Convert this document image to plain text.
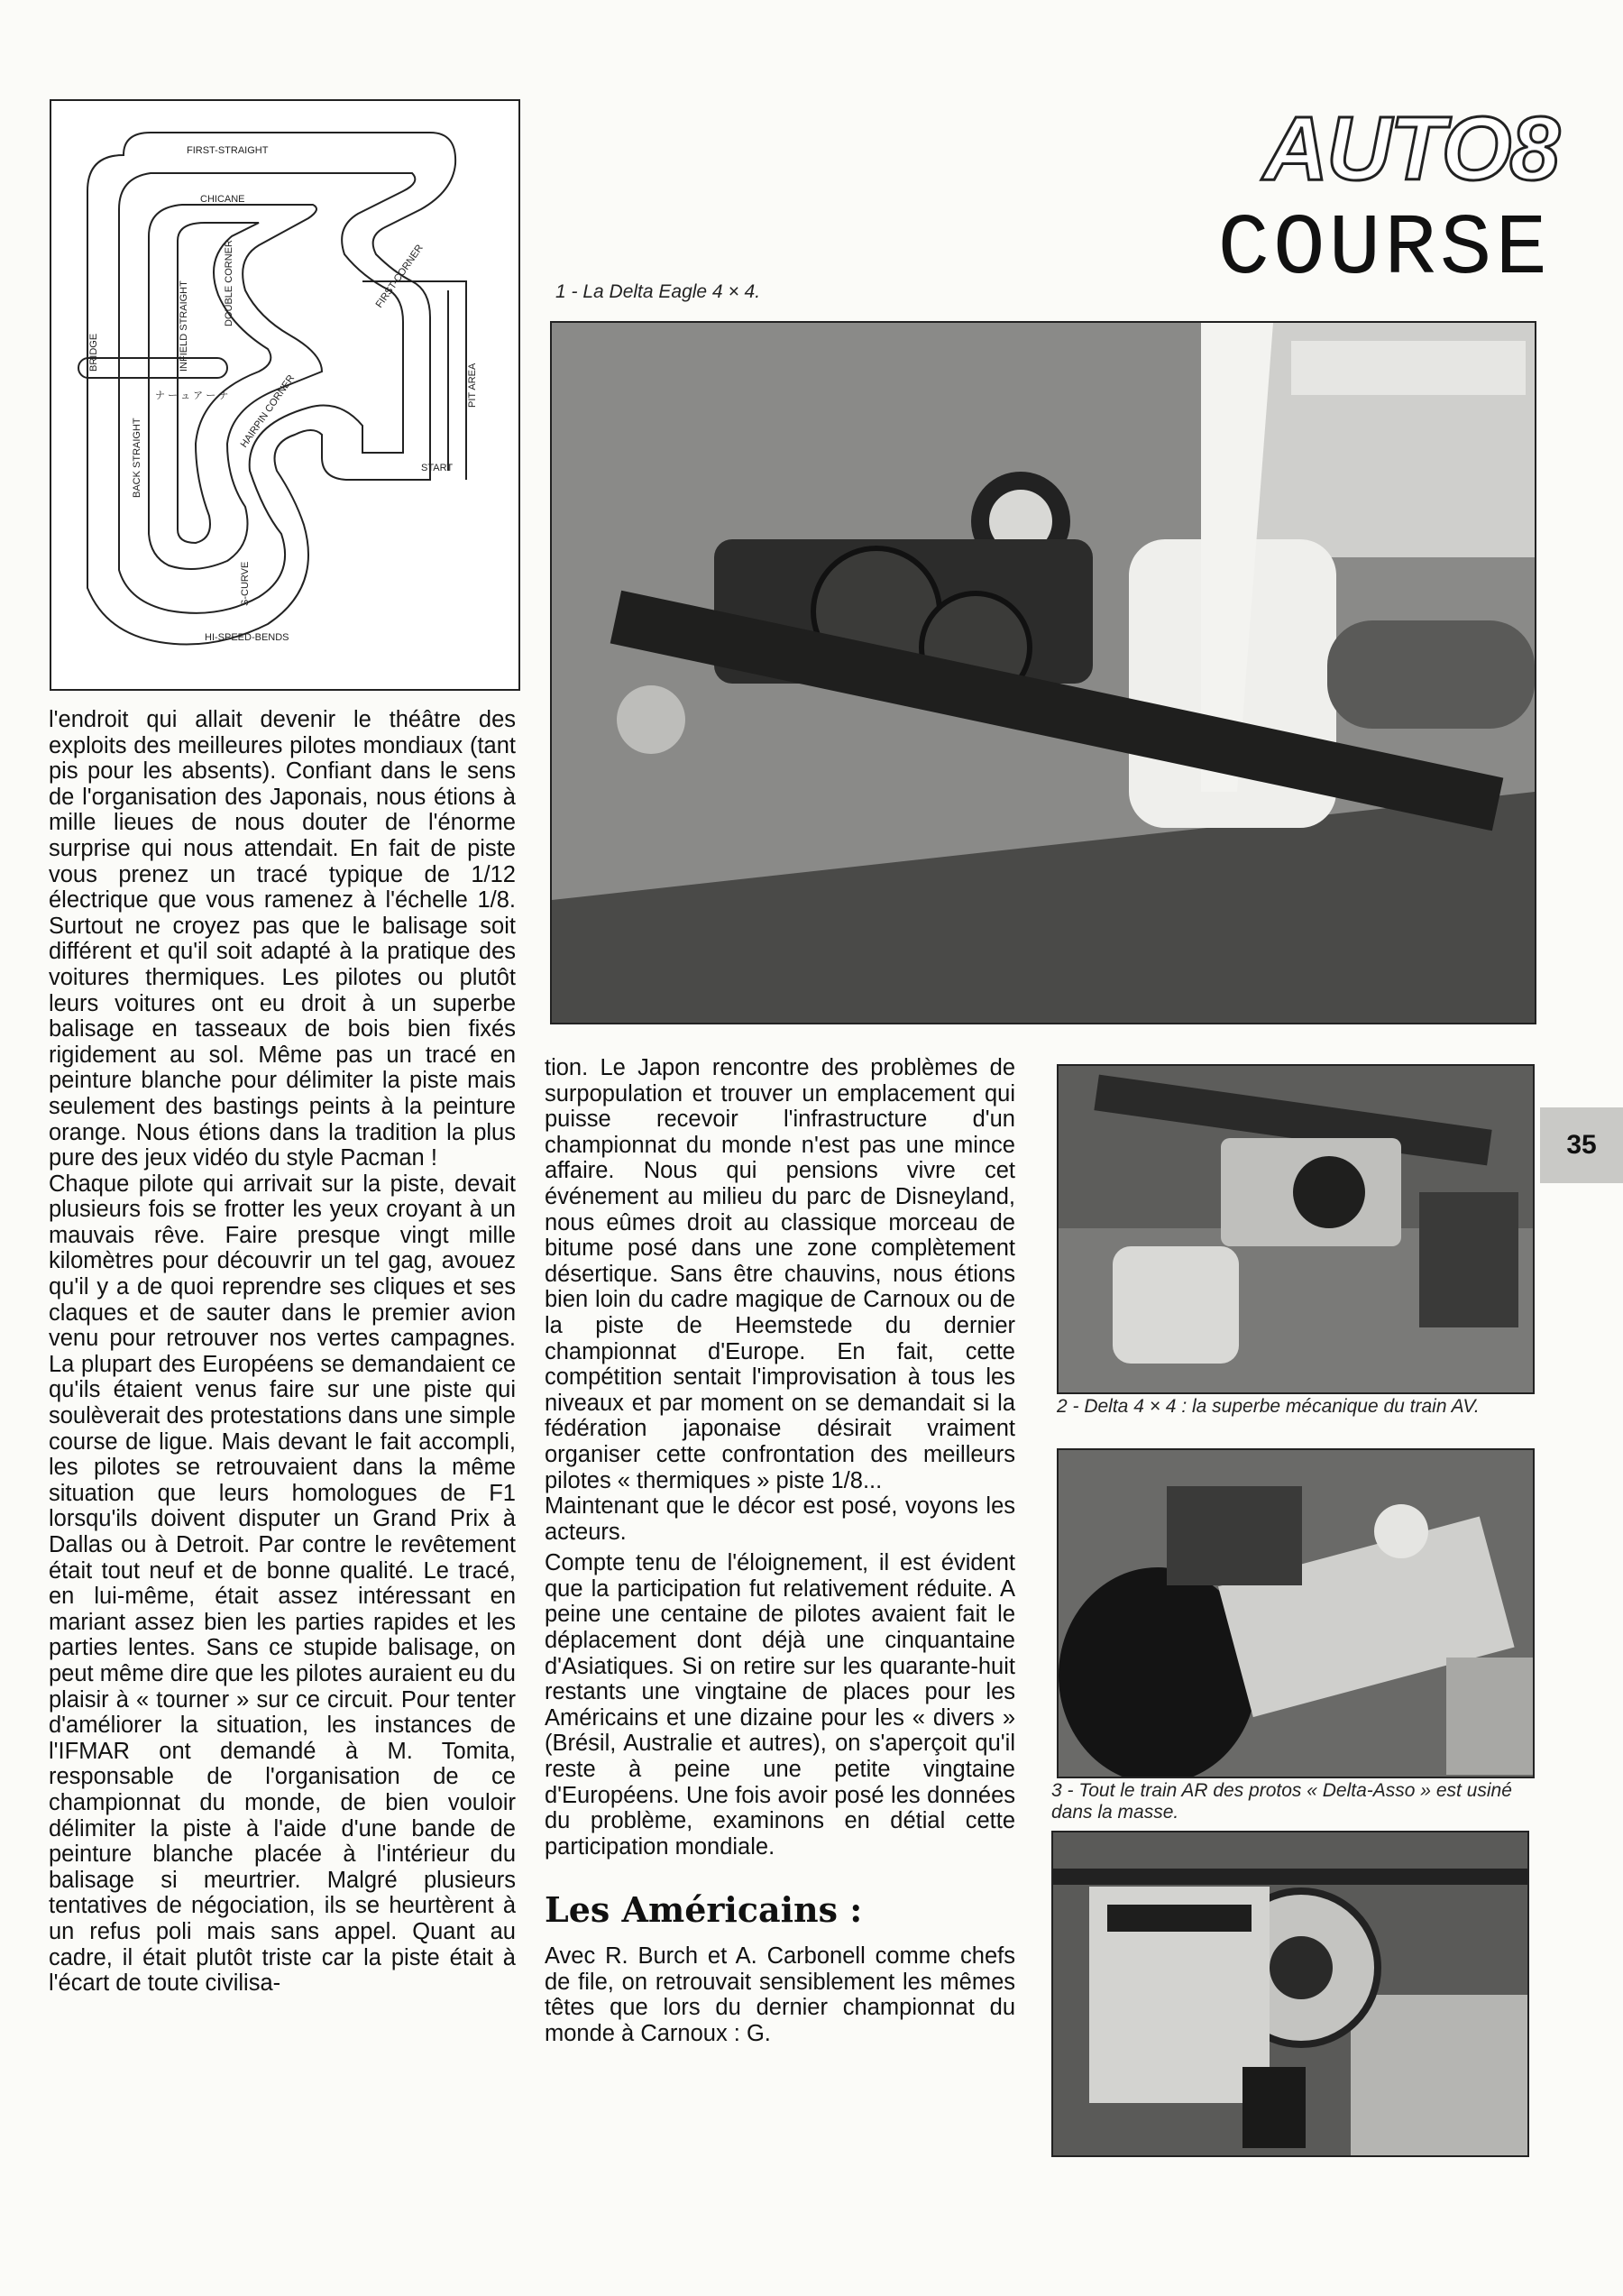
AUTO8
COURSE
FIRST-STRAIGHT
CHICANE
FIRST-CORNER
DOUBLE CORNER
INFIELD STRAIGHT
BRIDGE
ナ ー ュ ア ー ナ
BACK STRAIGHT
HAIRPIN CORNER	PIT AREA
START
S-CURVE
HI-SPEED-BENDS
1 - La Delta Eagle 4 × 4.

l'endroit qui allait devenir le théâtre des exploits des meilleures pilotes mondiaux (tant pis pour les absents). Confiant dans le sens de l'organisation des Japonais, nous étions à mille lieues de nous douter de l'énorme surprise qui nous attendait. En fait de piste vous prenez un tracé typique de 1/12 électrique que vous ramenez à l'échelle 1/8. Surtout ne croyez pas que le balisage soit différent et qu'il soit adapté à la pratique des voitures thermiques. Les pilotes ou plutôt leurs voitures ont eu droit à un superbe balisage en tasseaux de bois bien fixés rigidement au sol. Même pas un tracé en peinture blanche pour délimiter la piste mais seulement des bastings peints à la peinture orange. Nous étions dans la tradition la plus pure des jeux vidéo du style Pacman !

Chaque pilote qui arrivait sur la piste, devait plusieurs fois se frotter les yeux croyant à un mauvais rêve. Faire presque vingt mille kilomètres pour découvrir un tel gag, avouez qu'il y a de quoi reprendre ses cliques et ses claques et de sauter dans le premier avion venu pour retrouver nos vertes campagnes. La plupart des Européens se demandaient ce qu'ils étaient venus faire sur une piste qui soulèverait des protestations dans une simple course de ligue. Mais devant le fait accompli, les pilotes se retrouvaient dans la même situation que leurs homologues de F1 lorsqu'ils doivent disputer un Grand Prix à Dallas ou à Detroit. Par contre le revêtement était tout neuf et de bonne qualité. Le tracé, en lui-même, était assez intéressant en mariant assez bien les parties rapides et les parties lentes. Sans ce stupide balisage, on peut même dire que les pilotes auraient eu du plaisir à « tourner » sur ce circuit. Pour tenter d'améliorer la situation, les instances de l'IFMAR ont demandé à M. Tomita, responsable de l'organisation de ce championnat du monde, de bien vouloir délimiter la piste à l'aide d'une bande de peinture blanche placée à l'intérieur du balisage si meurtrier. Malgré plusieurs tentatives de négociation, ils se heurtèrent à un refus poli mais sans appel. Quant au cadre, il était plutôt triste car la piste était à l'écart de toute civilisa-

tion. Le Japon rencontre des problèmes de surpopulation et trouver un emplacement qui puisse recevoir l'infrastructure d'un championnat du monde n'est pas une mince affaire. Nous qui pensions vivre cet événement au milieu du parc de Disneyland, nous eûmes droit au classique morceau de bitume posé dans une zone complètement désertique. Sans être chauvins, nous étions bien loin du cadre magique de Carnoux ou de la piste de Heemstede du dernier championnat d'Europe. En fait, cette compétition sentait l'improvisation à tous les niveaux et par moment on se demandait si la fédération japonaise désirait vraiment organiser cette confrontation des meilleurs pilotes « thermiques » piste 1/8...

Maintenant que le décor est posé, voyons les acteurs.

Compte tenu de l'éloignement, il est évident que la participation fut relativement réduite. A peine une centaine de pilotes avaient fait le déplacement dont déjà une cinquantaine d'Asiatiques. Si on retire sur les quarante-huit restants une vingtaine de places pour les Américains et une dizaine pour les « divers » (Brésil, Australie et autres), on s'aperçoit qu'il reste à peine une petite vingtaine d'Européens. Une fois avoir posé les données du problème, examinons en détial cette participation mondiale.

Les Américains :

Avec R. Burch et A. Carbonell comme chefs de file, on retrouvait sensiblement les mêmes têtes que lors du dernier championnat du monde à Carnoux : G.

35
2 - Delta 4 × 4 : la superbe mécanique du train AV.
3 - Tout le train AR des protos « Delta-Asso » est usiné dans la masse.
